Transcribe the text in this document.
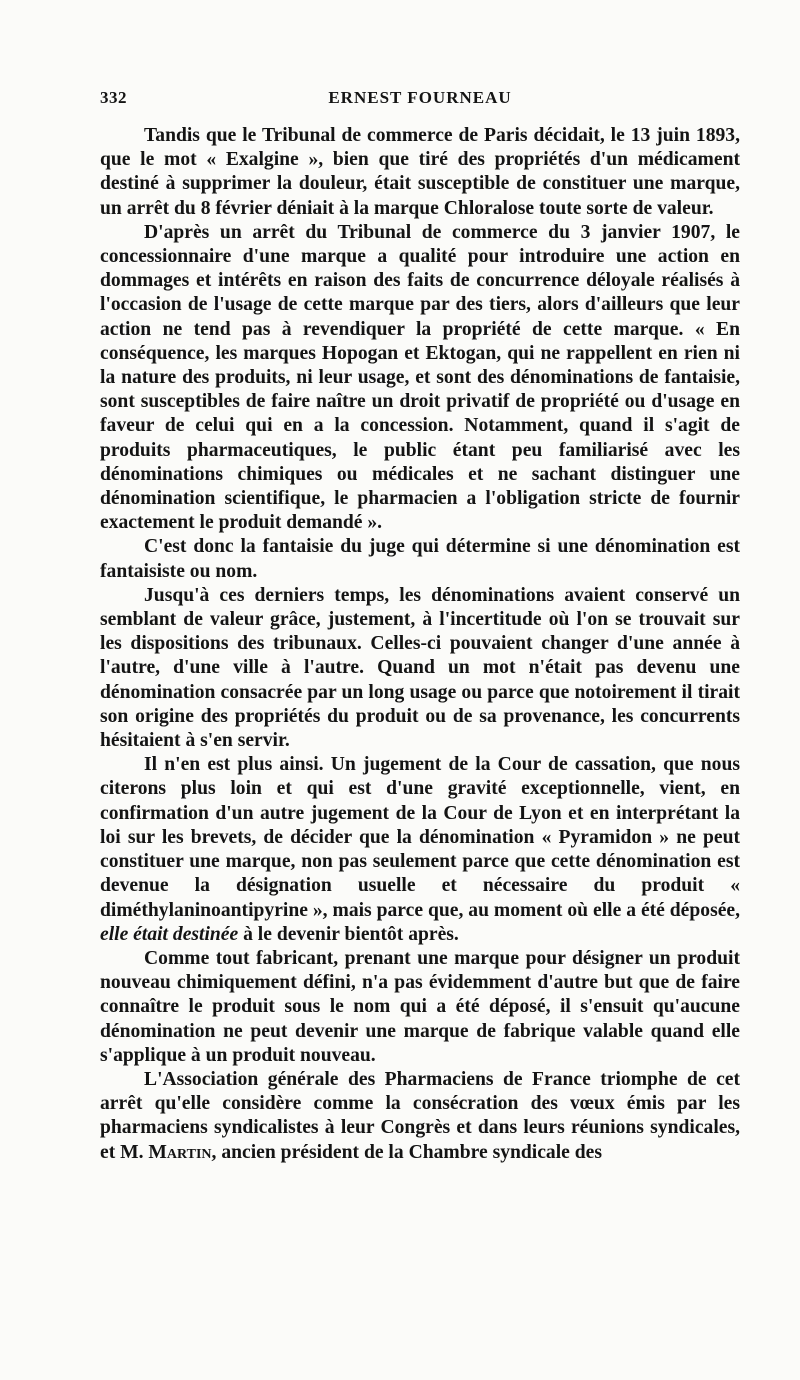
332	ERNEST FOURNEAU

Tandis que le Tribunal de commerce de Paris décidait, le 13 juin 1893, que le mot « Exalgine », bien que tiré des propriétés d'un médicament destiné à supprimer la douleur, était susceptible de constituer une marque, un arrêt du 8 février déniait à la marque Chloralose toute sorte de valeur.

D'après un arrêt du Tribunal de commerce du 3 janvier 1907, le concessionnaire d'une marque a qualité pour introduire une action en dommages et intérêts en raison des faits de concurrence déloyale réalisés à l'occasion de l'usage de cette marque par des tiers, alors d'ailleurs que leur action ne tend pas à revendiquer la propriété de cette marque. « En conséquence, les marques Hopogan et Ektogan, qui ne rappellent en rien ni la nature des produits, ni leur usage, et sont des dénominations de fantaisie, sont susceptibles de faire naître un droit privatif de propriété ou d'usage en faveur de celui qui en a la concession. Notamment, quand il s'agit de produits pharmaceutiques, le public étant peu familiarisé avec les dénominations chimiques ou médicales et ne sachant distinguer une dénomination scientifique, le pharmacien a l'obligation stricte de fournir exactement le produit demandé ».

C'est donc la fantaisie du juge qui détermine si une dénomination est fantaisiste ou nom.

Jusqu'à ces derniers temps, les dénominations avaient conservé un semblant de valeur grâce, justement, à l'incertitude où l'on se trouvait sur les dispositions des tribunaux. Celles-ci pouvaient changer d'une année à l'autre, d'une ville à l'autre. Quand un mot n'était pas devenu une dénomination consacrée par un long usage ou parce que notoirement il tirait son origine des propriétés du produit ou de sa provenance, les concurrents hésitaient à s'en servir.

Il n'en est plus ainsi. Un jugement de la Cour de cassation, que nous citerons plus loin et qui est d'une gravité exceptionnelle, vient, en confirmation d'un autre jugement de la Cour de Lyon et en interprétant la loi sur les brevets, de décider que la dénomination « Pyramidon » ne peut constituer une marque, non pas seulement parce que cette dénomination est devenue la désignation usuelle et nécessaire du produit « diméthylaninoantipyrine », mais parce que, au moment où elle a été déposée, elle était destinée à le devenir bientôt après.

Comme tout fabricant, prenant une marque pour désigner un produit nouveau chimiquement défini, n'a pas évidemment d'autre but que de faire connaître le produit sous le nom qui a été déposé, il s'ensuit qu'aucune dénomination ne peut devenir une marque de fabrique valable quand elle s'applique à un produit nouveau.

L'Association générale des Pharmaciens de France triomphe de cet arrêt qu'elle considère comme la consécration des vœux émis par les pharmaciens syndicalistes à leur Congrès et dans leurs réunions syndicales, et M. Martin, ancien président de la Chambre syndicale des
